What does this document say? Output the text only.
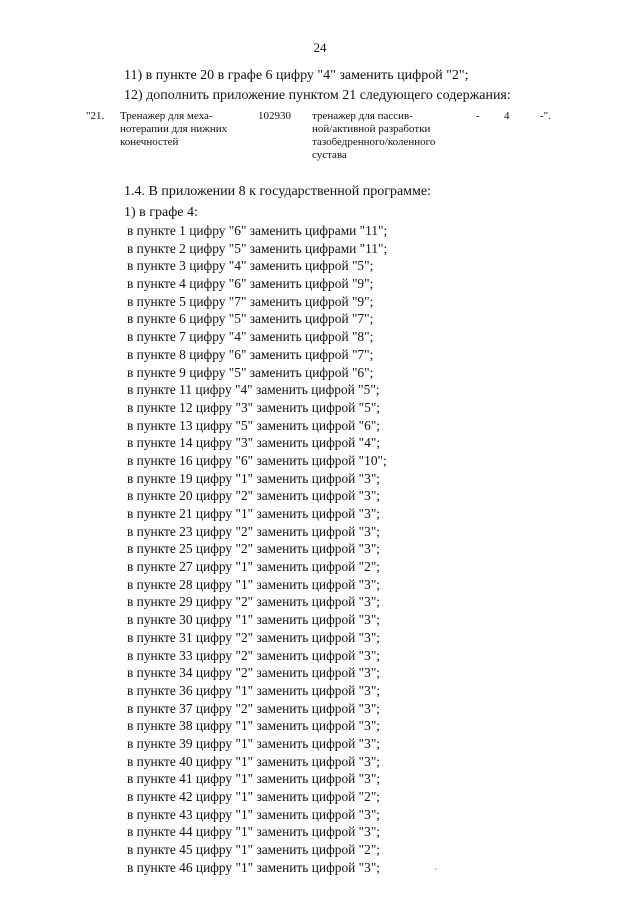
24
11) в пункте 20 в графе 6 цифру "4" заменить цифрой "2";
12) дополнить приложение пунктом 21 следующего содержания:
"21. Тренажер для меха-
нотерапии для нижних
конечностей
102930 тренажер для пассив-
ной/активной разработки
тазобедренного/коленного
сустава
- 4	-".
1.4. В приложении 8 к государственной программе:
1) в графе 4:
в пункте 1 цифру "6" заменить цифрами "11";
в пункте 2 цифру "5" заменить цифрами "11";
в пункте 3 цифру "4" заменить цифрой "5";
в пункте 4 цифру "6" заменить цифрой "9";
в пункте 5 цифру "7" заменить цифрой "9";
в пункте 6 цифру "5" заменить цифрой "7";
в пункте 7 цифру "4" заменить цифрой "8";
в пункте 8 цифру "6" заменить цифрой "7";
в пункте 9 цифру "5" заменить цифрой "6";
в пункте 11 цифру "4" заменить цифрой "5";
в пункте 12 цифру "3" заменить цифрой "5";
в пункте 13 цифру "5" заменить цифрой "6";
в пункте 14 цифру "3" заменить цифрой "4";
в пункте 16 цифру "6" заменить цифрой "10";
в пункте 19 цифру "1" заменить цифрой "3";
в пункте 20 цифру "2" заменить цифрой "3";
в пункте 21 цифру "1" заменить цифрой "3";
в пункте 23 цифру "2" заменить цифрой "3";
в пункте 25 цифру "2" заменить цифрой "3";
в пункте 27 цифру "1" заменить цифрой "2";
в пункте 28 цифру "1" заменить цифрой "3";
в пункте 29 цифру "2" заменить цифрой "3";
в пункте 30 цифру "1" заменить цифрой "3";
в пункте 31 цифру "2" заменить цифрой "3";
в пункте 33 цифру "2" заменить цифрой "3";
в пункте 34 цифру "2" заменить цифрой "3";
в пункте 36 цифру "1" заменить цифрой "3";
в пункте 37 цифру "2" заменить цифрой "3";
в пункте 38 цифру "1" заменить цифрой "3";
в пункте 39 цифру "1" заменить цифрой "3";
в пункте 40 цифру "1" заменить цифрой "3";
в пункте 41 цифру "1" заменить цифрой "3";
в пункте 42 цифру "1" заменить цифрой "2";
в пункте 43 цифру "1" заменить цифрой "3";
в пункте 44 цифру "1" заменить цифрой "3";
в пункте 45 цифру "1" заменить цифрой "2";
в пункте 46 цифру "1" заменить цифрой "3";	´
